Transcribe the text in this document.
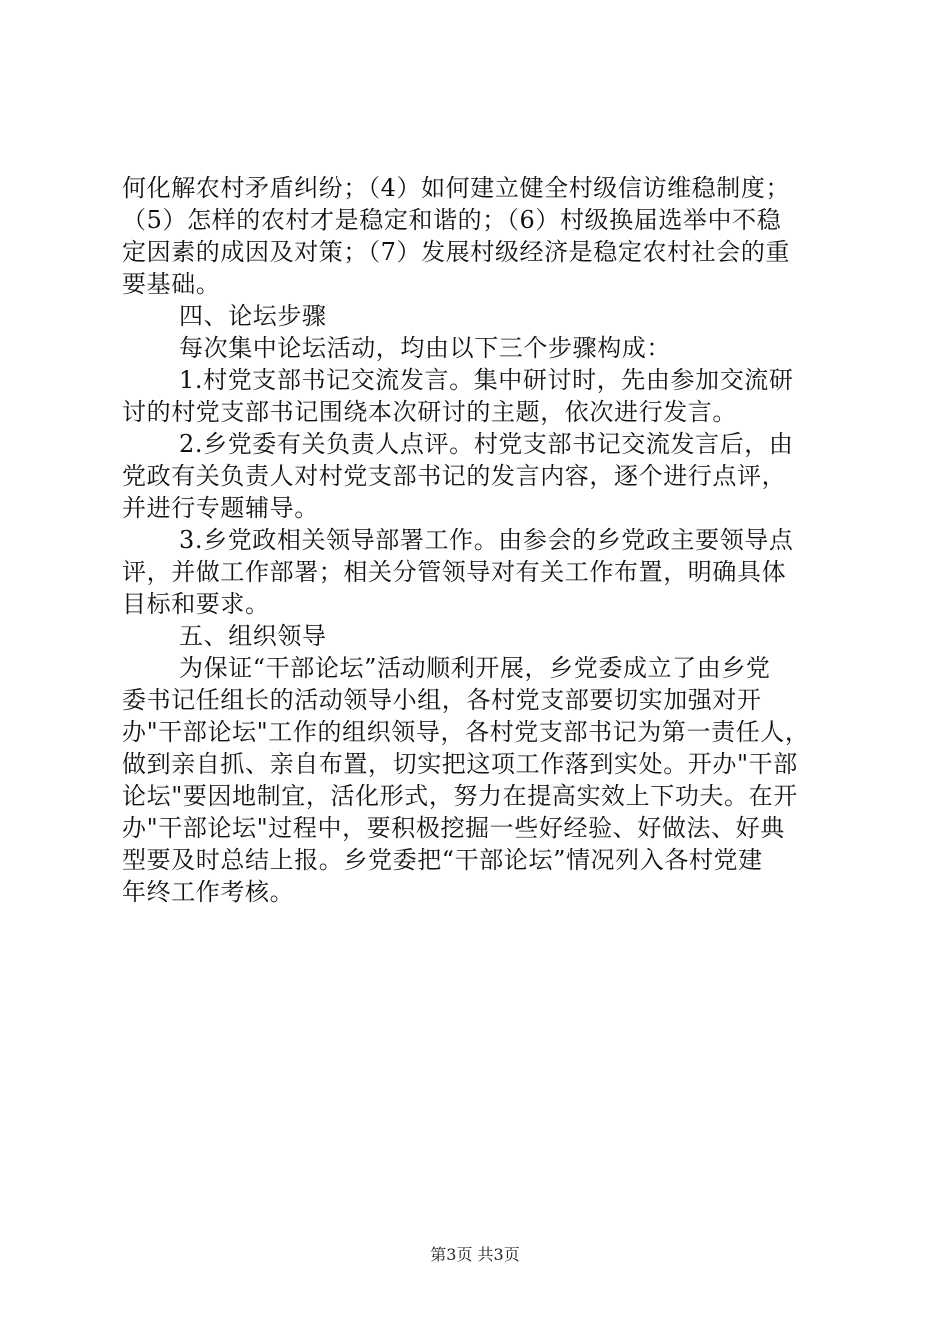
何化解农村矛盾纠纷；（4）如何建立健全村级信访维稳制度；

（5）怎样的农村才是稳定和谐的；（6）村级换届选举中不稳

定因素的成因及对策；（7）发展村级经济是稳定农村社会的重

要基础。

四、论坛步骤

每次集中论坛活动，均由以下三个步骤构成：

1.村党支部书记交流发言。集中研讨时，先由参加交流研

讨的村党支部书记围绕本次研讨的主题，依次进行发言。

2.乡党委有关负责人点评。村党支部书记交流发言后，由

党政有关负责人对村党支部书记的发言内容，逐个进行点评，

并进行专题辅导。

3.乡党政相关领导部署工作。由参会的乡党政主要领导点

评，并做工作部署；相关分管领导对有关工作布置，明确具体

目标和要求。

五、组织领导

为保证“干部论坛”活动顺利开展，乡党委成立了由乡党

委书记任组长的活动领导小组，各村党支部要切实加强对开

办"干部论坛"工作的组织领导，各村党支部书记为第一责任人，

做到亲自抓、亲自布置，切实把这项工作落到实处。开办"干部

论坛"要因地制宜，活化形式，努力在提高实效上下功夫。在开

办"干部论坛"过程中，要积极挖掘一些好经验、好做法、好典

型要及时总结上报。乡党委把“干部论坛”情况列入各村党建

年终工作考核。

第3页 共3页
